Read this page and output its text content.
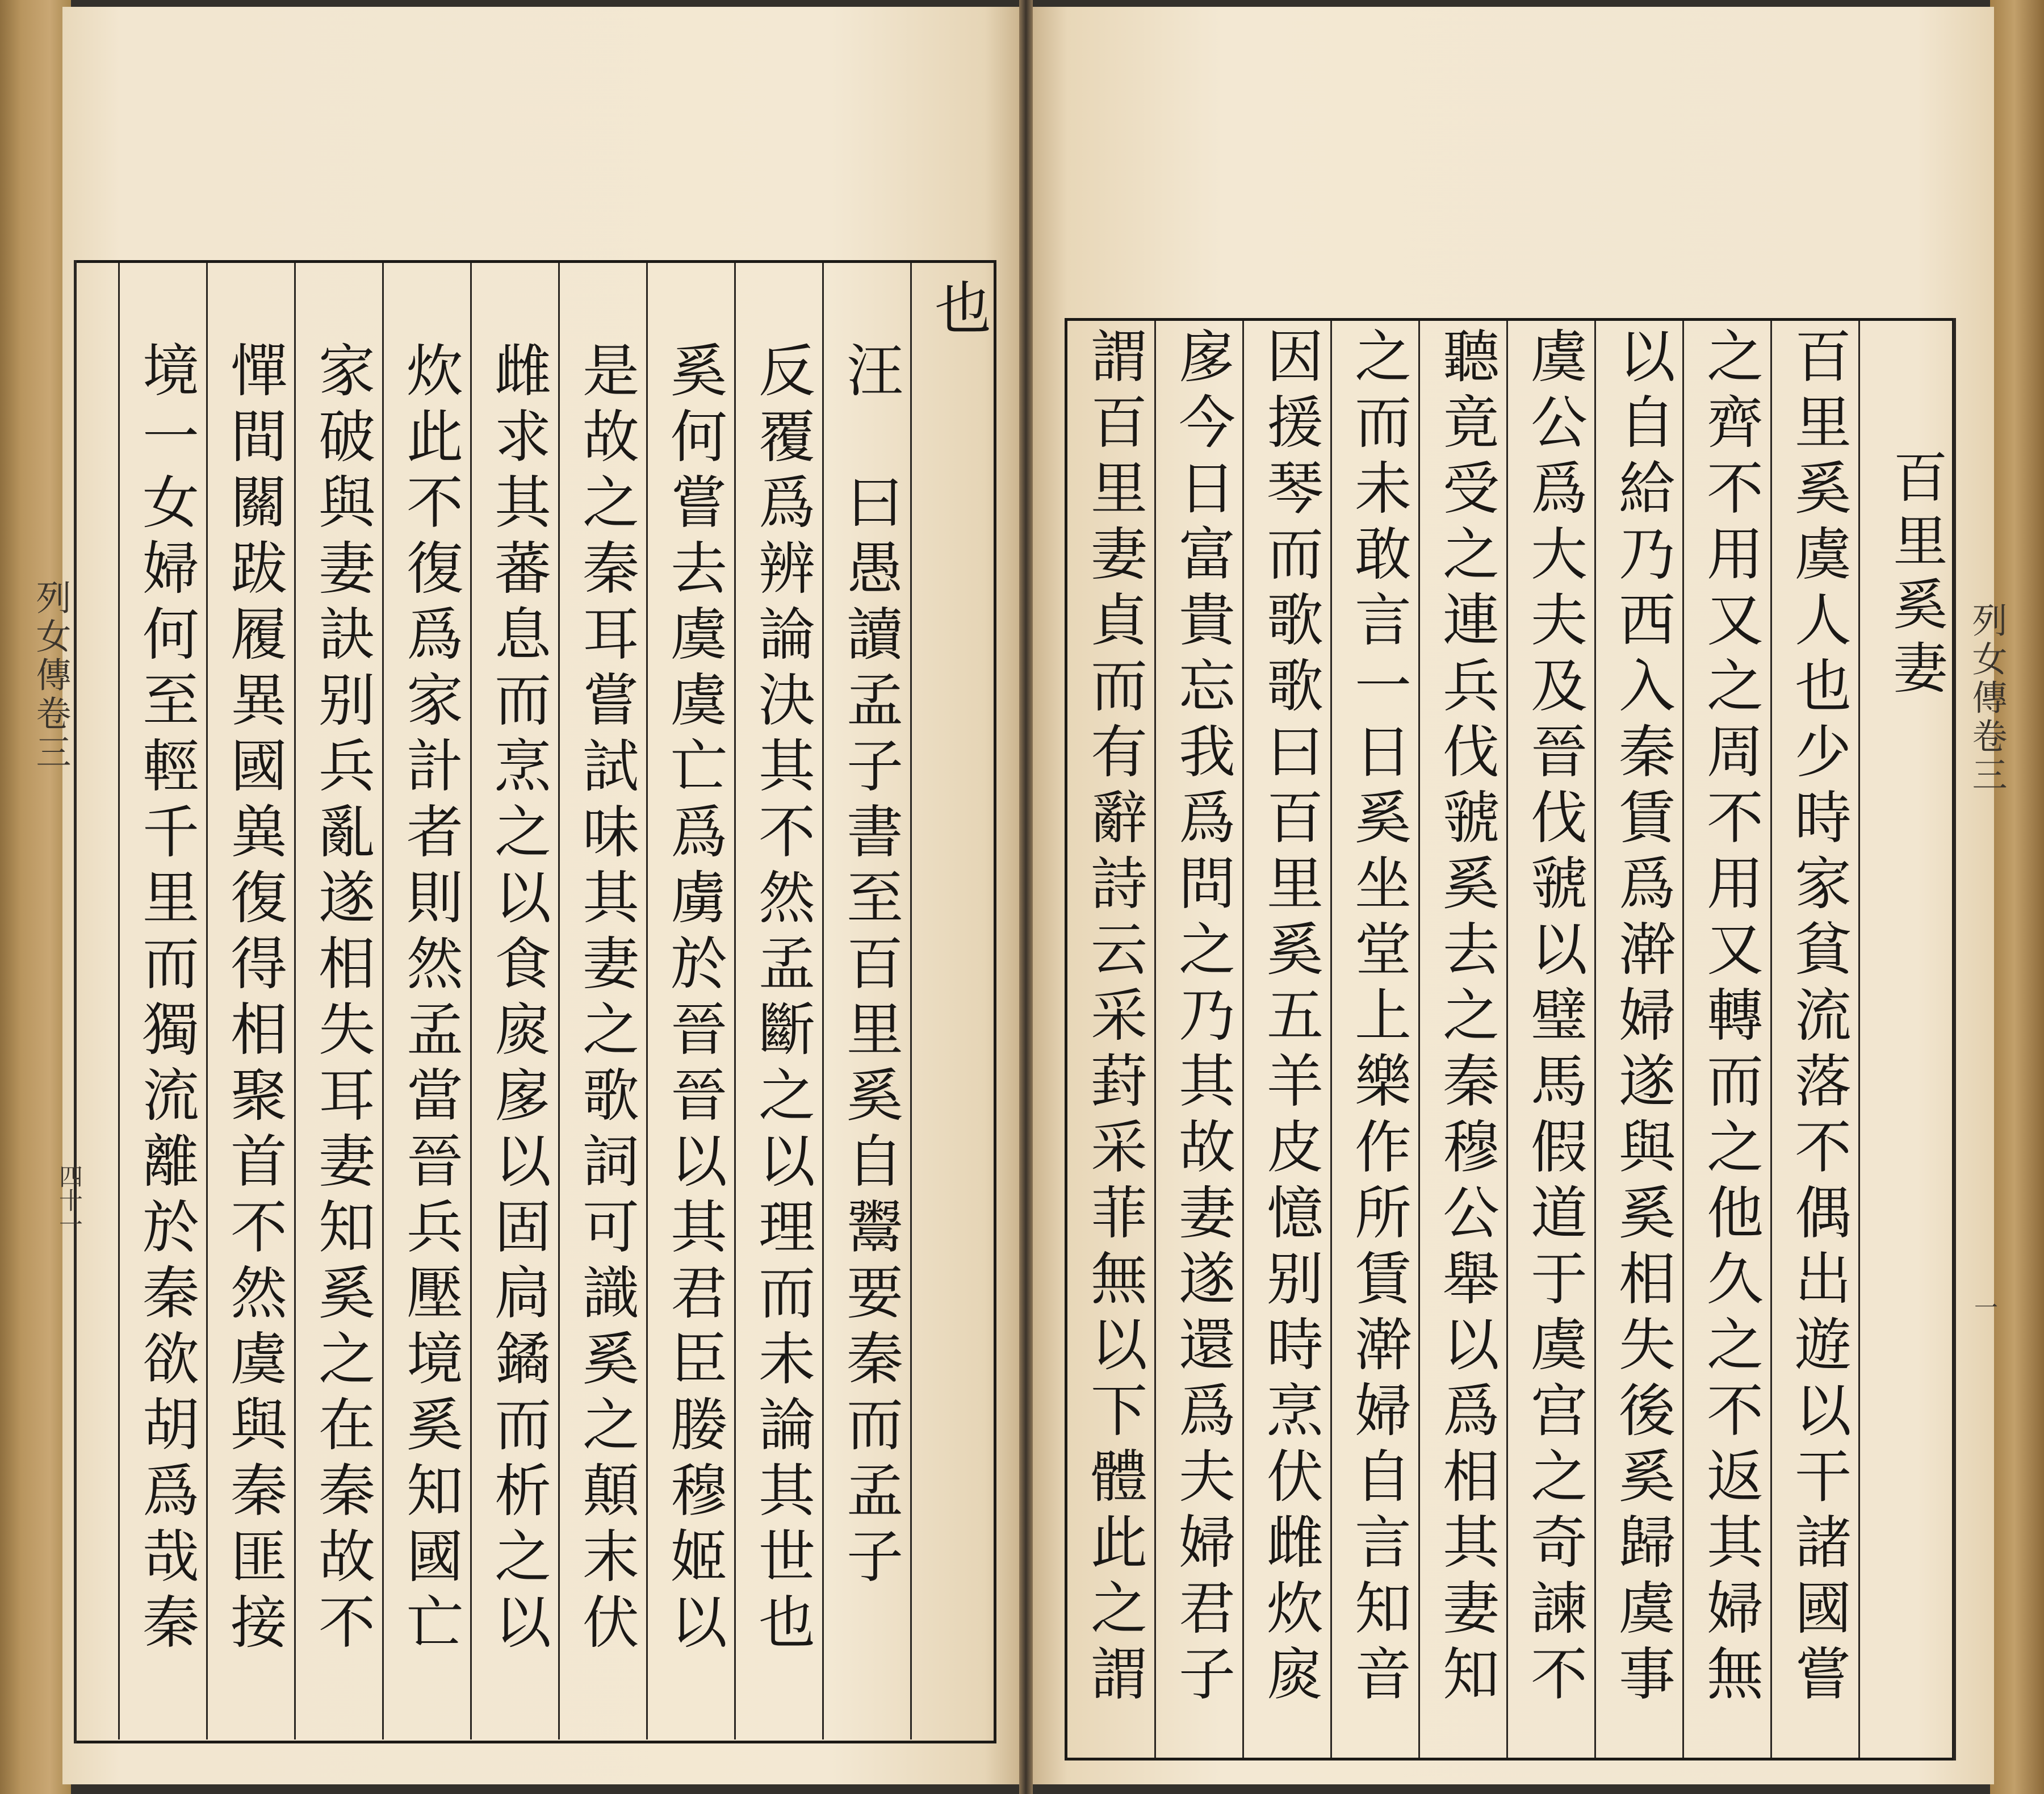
列女傳卷三
四十一
也
汪　曰愚讀孟子書至百里奚自鬻要秦而孟子
反覆爲辨論決其不然孟斷之以理而未論其世也
奚何嘗去虞虞亡爲虜於晉晉以其君臣媵穆姬以
是故之秦耳嘗試味其妻之歌詞可識奚之顛末伏
雌求其蕃息而烹之以食扊扅以固扃鐍而析之以
炊此不復爲家計者則然孟當晉兵壓境奚知國亡
家破與妻訣别兵亂遂相失耳妻知奚之在秦故不
憚間關跋履異國兾復得相聚首不然虞與秦匪接
境一女婦何至輕千里而獨流離於秦欲胡爲哉秦	列女傳卷三
一
百里奚妻
百里奚虞人也少時家貧流落不偶出遊以干諸國嘗
之齊不用又之周不用又轉而之他久之不返其婦無
以自給乃西入秦賃爲澣婦遂與奚相失後奚歸虞事
虞公爲大夫及晉伐虢以璧馬假道于虞宫之奇諫不
聽竟受之連兵伐虢奚去之秦穆公舉以爲相其妻知
之而未敢言一日奚坐堂上樂作所賃澣婦自言知音
因援琴而歌歌曰百里奚五羊皮憶别時烹伏雌炊扊
扅今日富貴忘我爲問之乃其故妻遂還爲夫婦君子
謂百里妻貞而有辭詩云采葑采菲無以下體此之謂
